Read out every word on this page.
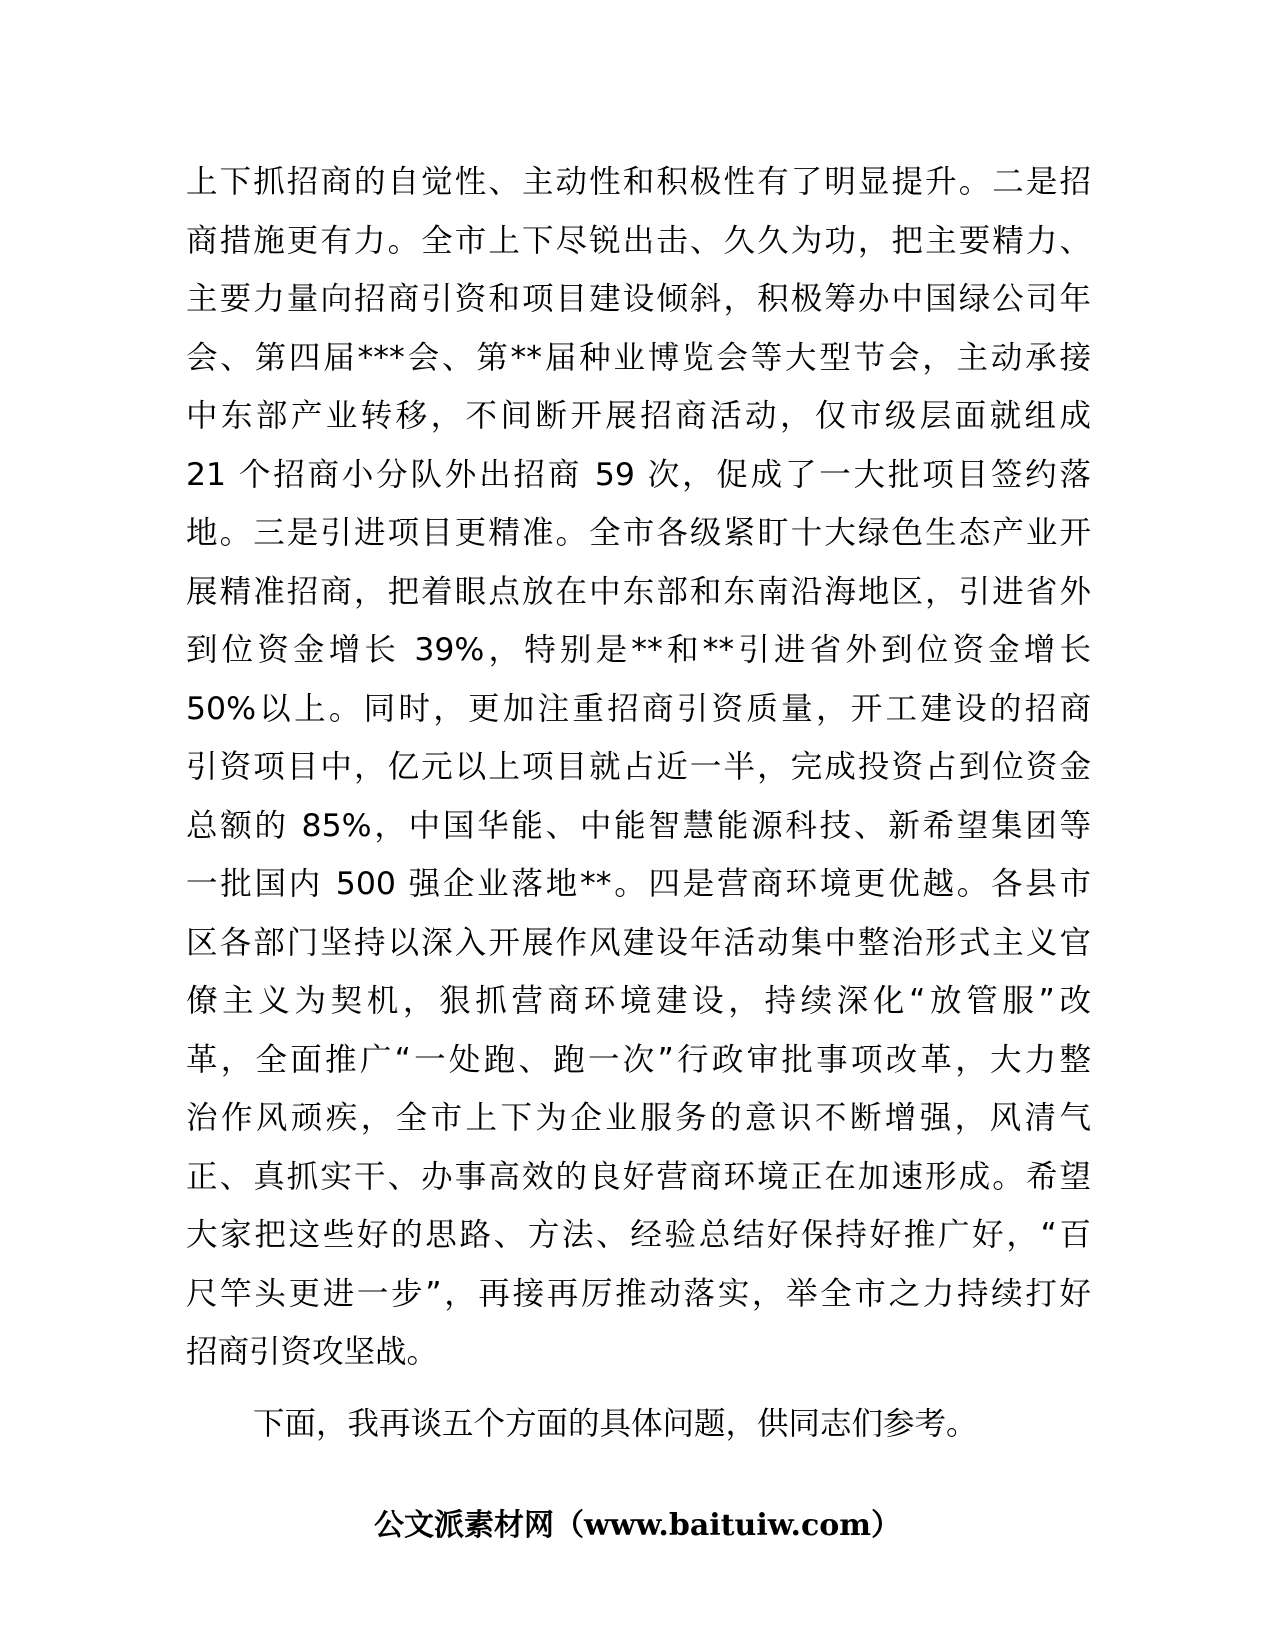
上下抓招商的自觉性、主动性和积极性有了明显提升。二是招
商措施更有力。全市上下尽锐出击、久久为功，把主要精力、
主要力量向招商引资和项目建设倾斜，积极筹办中国绿公司年
会、第四届***会、第**届种业博览会等大型节会，主动承接
中东部产业转移，不间断开展招商活动，仅市级层面就组成
21 个招商小分队外出招商 59 次，促成了一大批项目签约落
地。三是引进项目更精准。全市各级紧盯十大绿色生态产业开
展精准招商，把着眼点放在中东部和东南沿海地区，引进省外
到位资金增长 39%，特别是**和**引进省外到位资金增长
50%以上。同时，更加注重招商引资质量，开工建设的招商
引资项目中，亿元以上项目就占近一半，完成投资占到位资金
总额的 85%，中国华能、中能智慧能源科技、新希望集团等
一批国内 500 强企业落地**。四是营商环境更优越。各县市
区各部门坚持以深入开展作风建设年活动集中整治形式主义官
僚主义为契机，狠抓营商环境建设，持续深化“放管服”改
革，全面推广“一处跑、跑一次”行政审批事项改革，大力整
治作风顽疾，全市上下为企业服务的意识不断增强，风清气
正、真抓实干、办事高效的良好营商环境正在加速形成。希望
大家把这些好的思路、方法、经验总结好保持好推广好，“百
尺竿头更进一步”，再接再厉推动落实，举全市之力持续打好
招商引资攻坚战。
下面，我再谈五个方面的具体问题，供同志们参考。
公文派素材网（www.baituiw.com）
